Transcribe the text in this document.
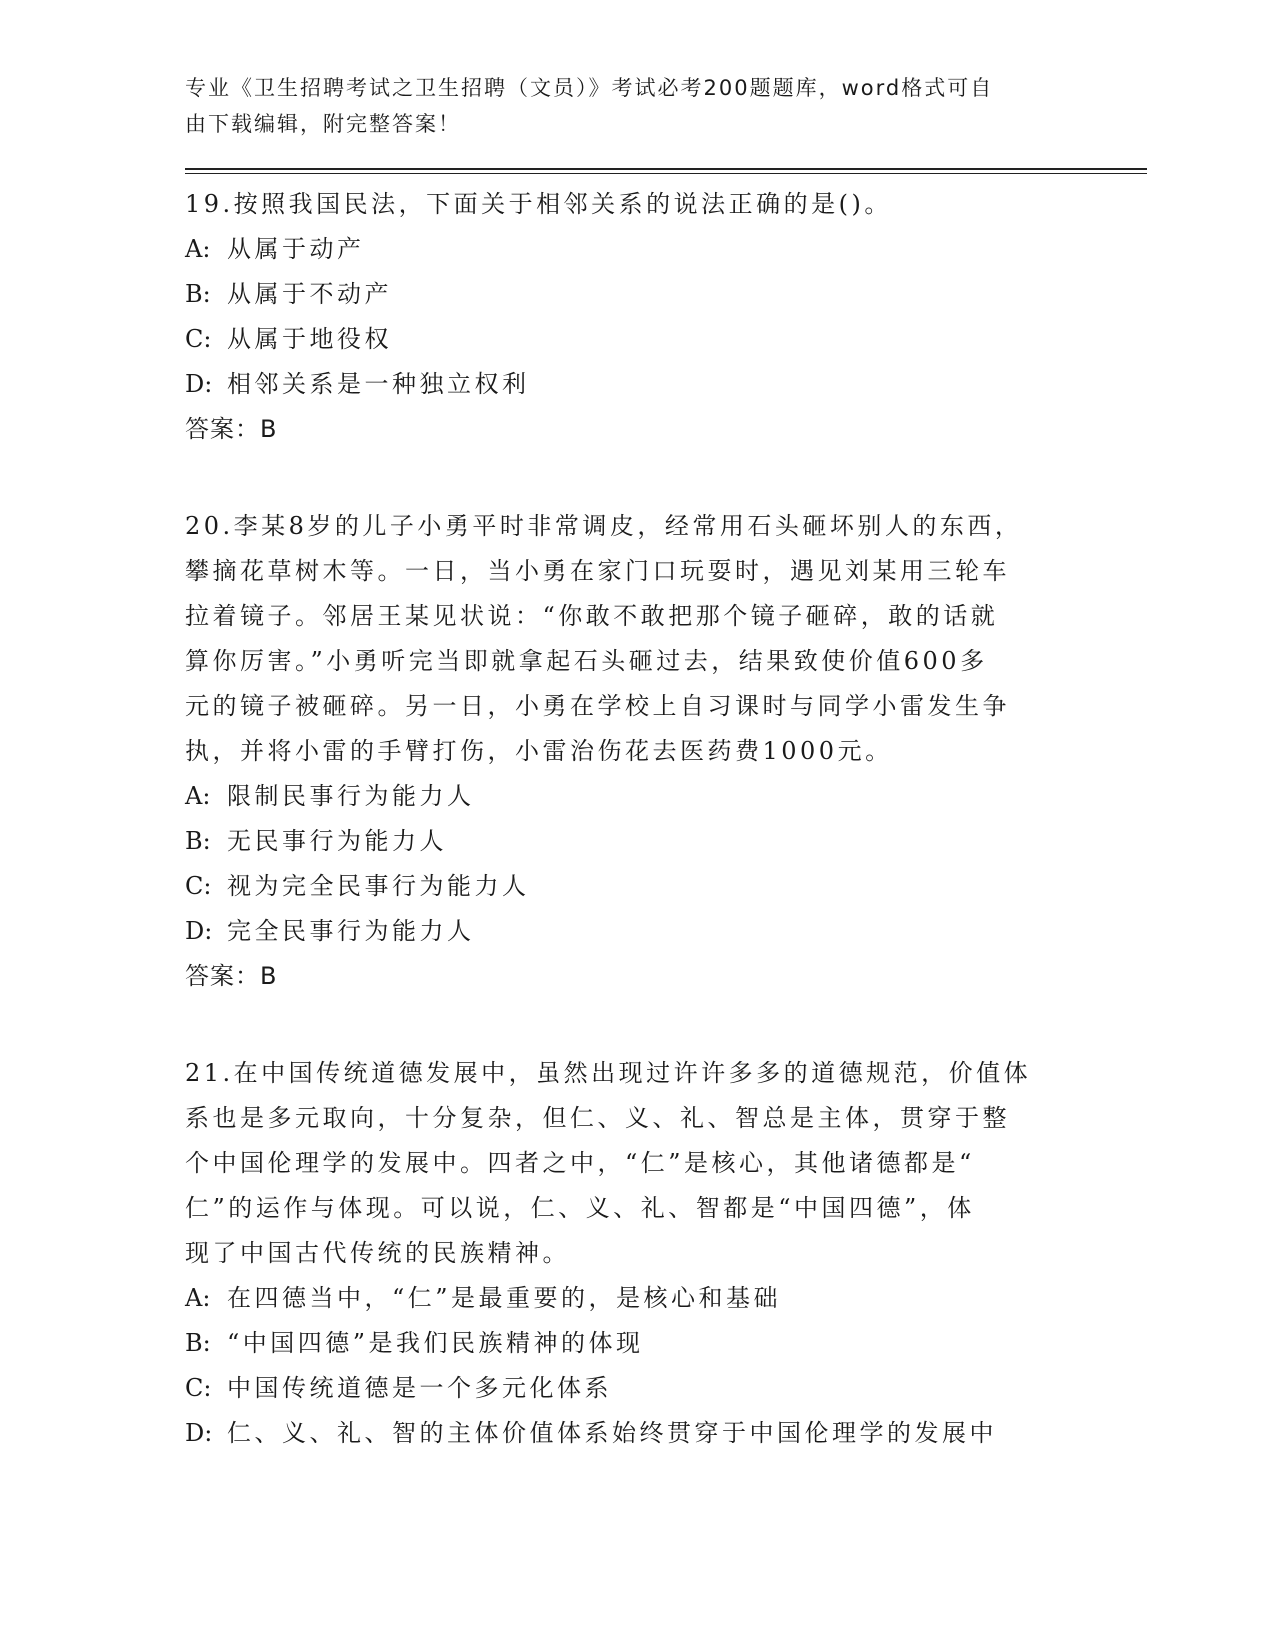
专业《卫生招聘考试之卫生招聘（文员）》考试必考200题题库，word格式可自
由下载编辑，附完整答案！

19.按照我国民法，下面关于相邻关系的说法正确的是()。

A: 从属于动产

B: 从属于不动产

C: 从属于地役权

D: 相邻关系是一种独立权利

答案：B

20.李某8岁的儿子小勇平时非常调皮，经常用石头砸坏别人的东西，

攀摘花草树木等。一日，当小勇在家门口玩耍时，遇见刘某用三轮车

拉着镜子。邻居王某见状说：“你敢不敢把那个镜子砸碎，敢的话就

算你厉害。”小勇听完当即就拿起石头砸过去，结果致使价值600多

元的镜子被砸碎。另一日，小勇在学校上自习课时与同学小雷发生争

执，并将小雷的手臂打伤，小雷治伤花去医药费1000元。

A: 限制民事行为能力人

B: 无民事行为能力人

C: 视为完全民事行为能力人

D: 完全民事行为能力人

答案：B

21.在中国传统道德发展中，虽然出现过许许多多的道德规范，价值体

系也是多元取向，十分复杂，但仁、义、礼、智总是主体，贯穿于整

个中国伦理学的发展中。四者之中，“仁”是核心，其他诸德都是“

仁”的运作与体现。可以说，仁、义、礼、智都是“中国四德”，体

现了中国古代传统的民族精神。

A: 在四德当中，“仁”是最重要的，是核心和基础

B: “中国四德”是我们民族精神的体现

C: 中国传统道德是一个多元化体系

D: 仁、义、礼、智的主体价值体系始终贯穿于中国伦理学的发展中
